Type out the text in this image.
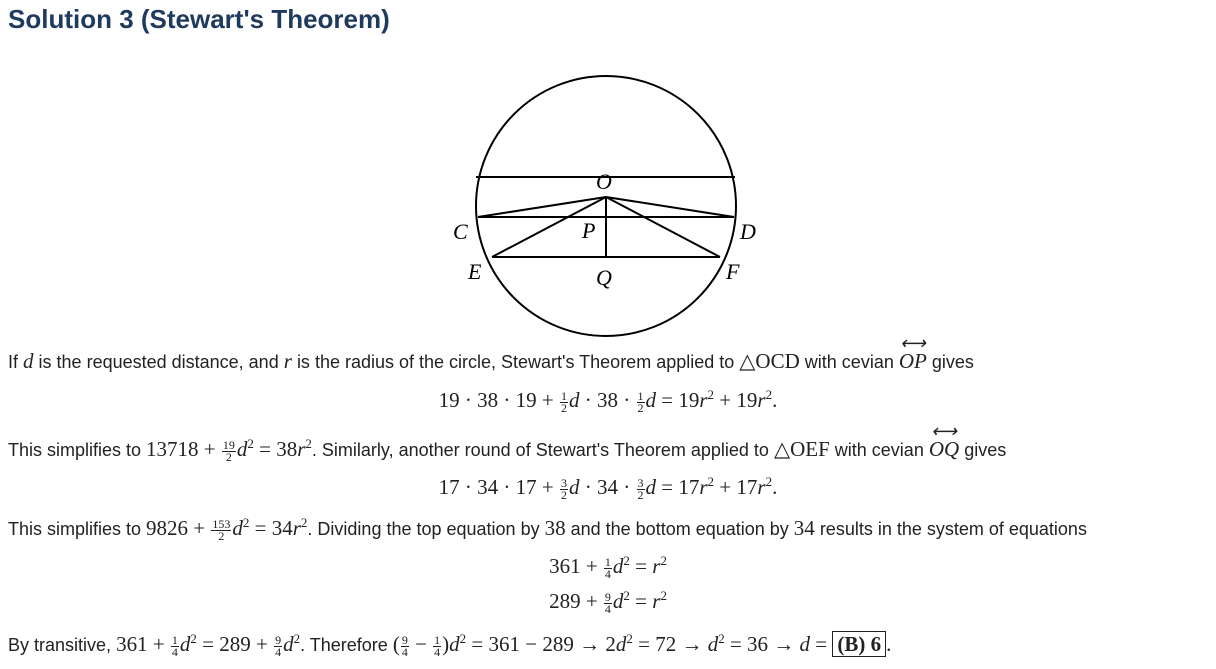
Solution 3 (Stewart's Theorem)
O
P
C	D
E	Q	F
If d is the requested distance, and r is the radius of the circle, Stewart's Theorem applied to △OCD with cevian ⟷ OP gives
$19 \cdot 38 \cdot 19 + \frac{1}{2}$ $d \cdot 38 \cdot \frac{1}{2}$ $d = 19r^2 + 19r^2$.
This simplifies to $13718 + \frac{19}{2} d^2 = 38r^2$. Similarly, another round of Stewart's Theorem applied to △OEF with cevian ⟷ OQ gives
$17 \cdot 34 \cdot 17 + \frac{3}{2}$ $d \cdot 34 \cdot \frac{3}{2}$ $d = 17r^2 + 17r^2$.
This simplifies to $9826 + \frac{153}{2} d^2 = 34r^2$. Dividing the top equation by 38 and the bottom equation by 34 results in the system of equations
$361 + \frac{1}{4} d^2 = r^2$
$289 + \frac{9}{4} d^2 = r^2$
By transitive, $361 + \frac{1}{4} d^2 = 289 + \frac{9}{4} d^2$. Therefore ( $\frac{9}{4} - \frac{1}{4} )d^2 = 361 - 289 \to 2d^2 = 72 \to d^2 = 36 \to d = (B)$ 6 .
